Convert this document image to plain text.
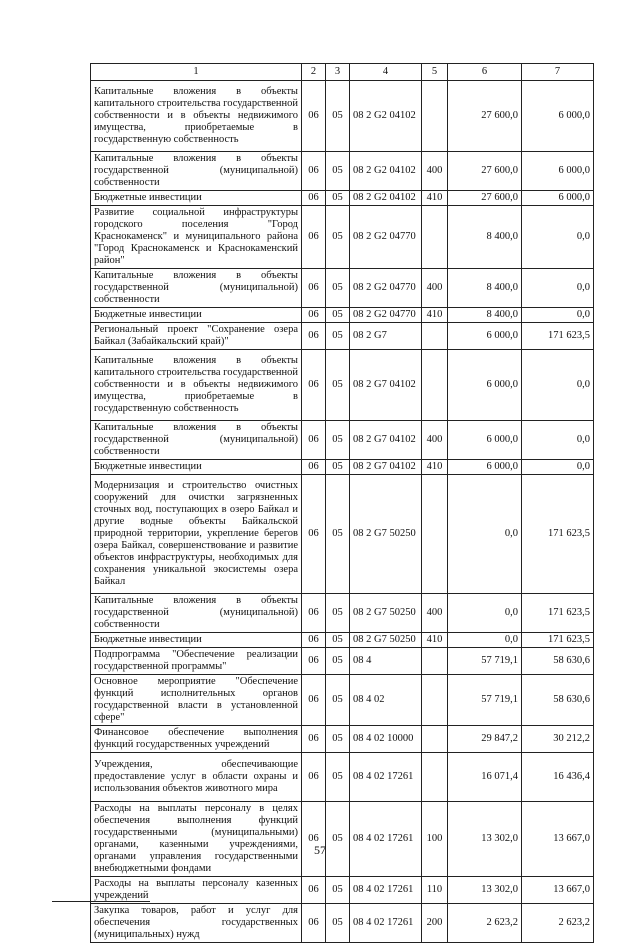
1	2	3	4	5	6	7
Капитальные вложения в объекты капитального строительства государственной собственности и в объекты недвижимого имущества, приобретаемые в государственную собственность	06	05	08 2 G2 04102		27 600,0	6 000,0
Капитальные вложения в объекты государственной (муниципальной) собственности	06	05	08 2 G2 04102	400	27 600,0	6 000,0
Бюджетные инвестиции	06	05	08 2 G2 04102	410	27 600,0	6 000,0
Развитие социальной инфраструктуры городского поселения "Город Краснокаменск" и муниципального района "Город Краснокаменск и Краснокаменский район"	06	05	08 2 G2 04770		8 400,0	0,0
Капитальные вложения в объекты государственной (муниципальной) собственности	06	05	08 2 G2 04770	400	8 400,0	0,0
Бюджетные инвестиции	06	05	08 2 G2 04770	410	8 400,0	0,0
Региональный проект "Сохранение озера Байкал (Забайкальский край)"	06	05	08 2 G7		6 000,0	171 623,5
Капитальные вложения в объекты капитального строительства государственной собственности и в объекты недвижимого имущества, приобретаемые в государственную собственность	06	05	08 2 G7 04102		6 000,0	0,0
Капитальные вложения в объекты государственной (муниципальной) собственности	06	05	08 2 G7 04102	400	6 000,0	0,0
Бюджетные инвестиции	06	05	08 2 G7 04102	410	6 000,0	0,0
Модернизация и строительство очистных сооружений для очистки загрязненных сточных вод, поступающих в озеро Байкал и другие водные объекты Байкальской природной территории, укрепление берегов озера Байкал, совершенствование и развитие объектов инфраструктуры, необходимых для сохранения уникальной экосистемы озера Байкал	06	05	08 2 G7 50250		0,0	171 623,5
Капитальные вложения в объекты государственной (муниципальной) собственности	06	05	08 2 G7 50250	400	0,0	171 623,5
Бюджетные инвестиции	06	05	08 2 G7 50250	410	0,0	171 623,5
Подпрограмма "Обеспечение реализации государственной программы"	06	05	08 4		57 719,1	58 630,6
Основное мероприятие "Обеспечение функций исполнительных органов государственной власти в установленной сфере"	06	05	08 4 02		57 719,1	58 630,6
Финансовое обеспечение выполнения функций государственных учреждений	06	05	08 4 02 10000		29 847,2	30 212,2
Учреждения, обеспечивающие предоставление услуг в области охраны и использования объектов животного мира	06	05	08 4 02 17261		16 071,4	16 436,4
Расходы на выплаты персоналу в целях обеспечения выполнения функций государственными (муниципальными) органами, казенными учреждениями, органами управления государственными внебюджетными фондами	06	05	08 4 02 17261	100	13 302,0	13 667,0
Расходы на выплаты персоналу казенных учреждений	06	05	08 4 02 17261	110	13 302,0	13 667,0
Закупка товаров, работ и услуг для обеспечения государственных (муниципальных) нужд	06	05	08 4 02 17261	200	2 623,2	2 623,2
57
